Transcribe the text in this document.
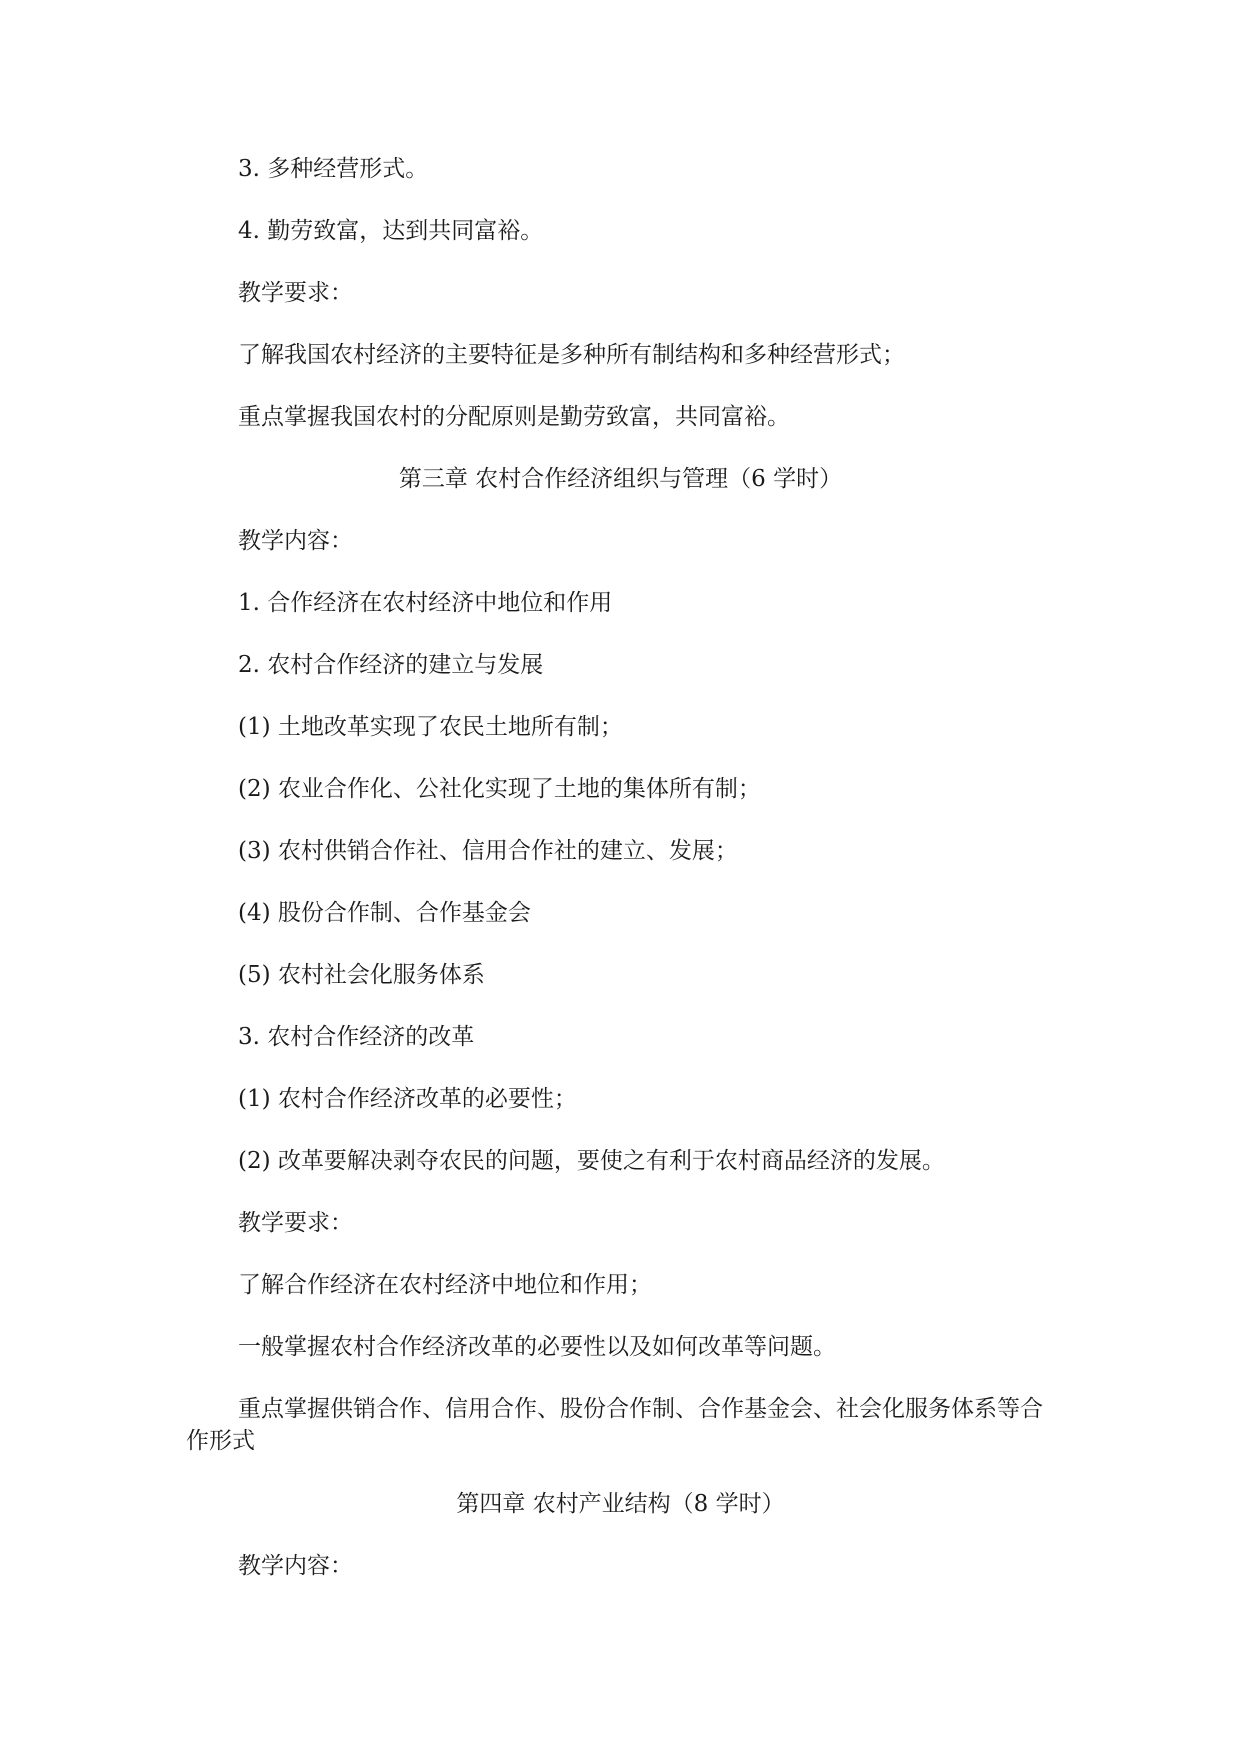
3. 多种经营形式。
4. 勤劳致富，达到共同富裕。
教学要求：
了解我国农村经济的主要特征是多种所有制结构和多种经营形式；
重点掌握我国农村的分配原则是勤劳致富，共同富裕。
第三章 农村合作经济组织与管理（6 学时）
教学内容：
1. 合作经济在农村经济中地位和作用
2. 农村合作经济的建立与发展
(1) 土地改革实现了农民土地所有制；
(2) 农业合作化、公社化实现了土地的集体所有制；
(3) 农村供销合作社、信用合作社的建立、发展；
(4) 股份合作制、合作基金会
(5) 农村社会化服务体系
3. 农村合作经济的改革
(1) 农村合作经济改革的必要性；
(2) 改革要解决剥夺农民的问题，要使之有利于农村商品经济的发展。
教学要求：
了解合作经济在农村经济中地位和作用；
一般掌握农村合作经济改革的必要性以及如何改革等问题。
重点掌握供销合作、信用合作、股份合作制、合作基金会、社会化服务体系等合作形式
第四章 农村产业结构（8 学时）
教学内容：
